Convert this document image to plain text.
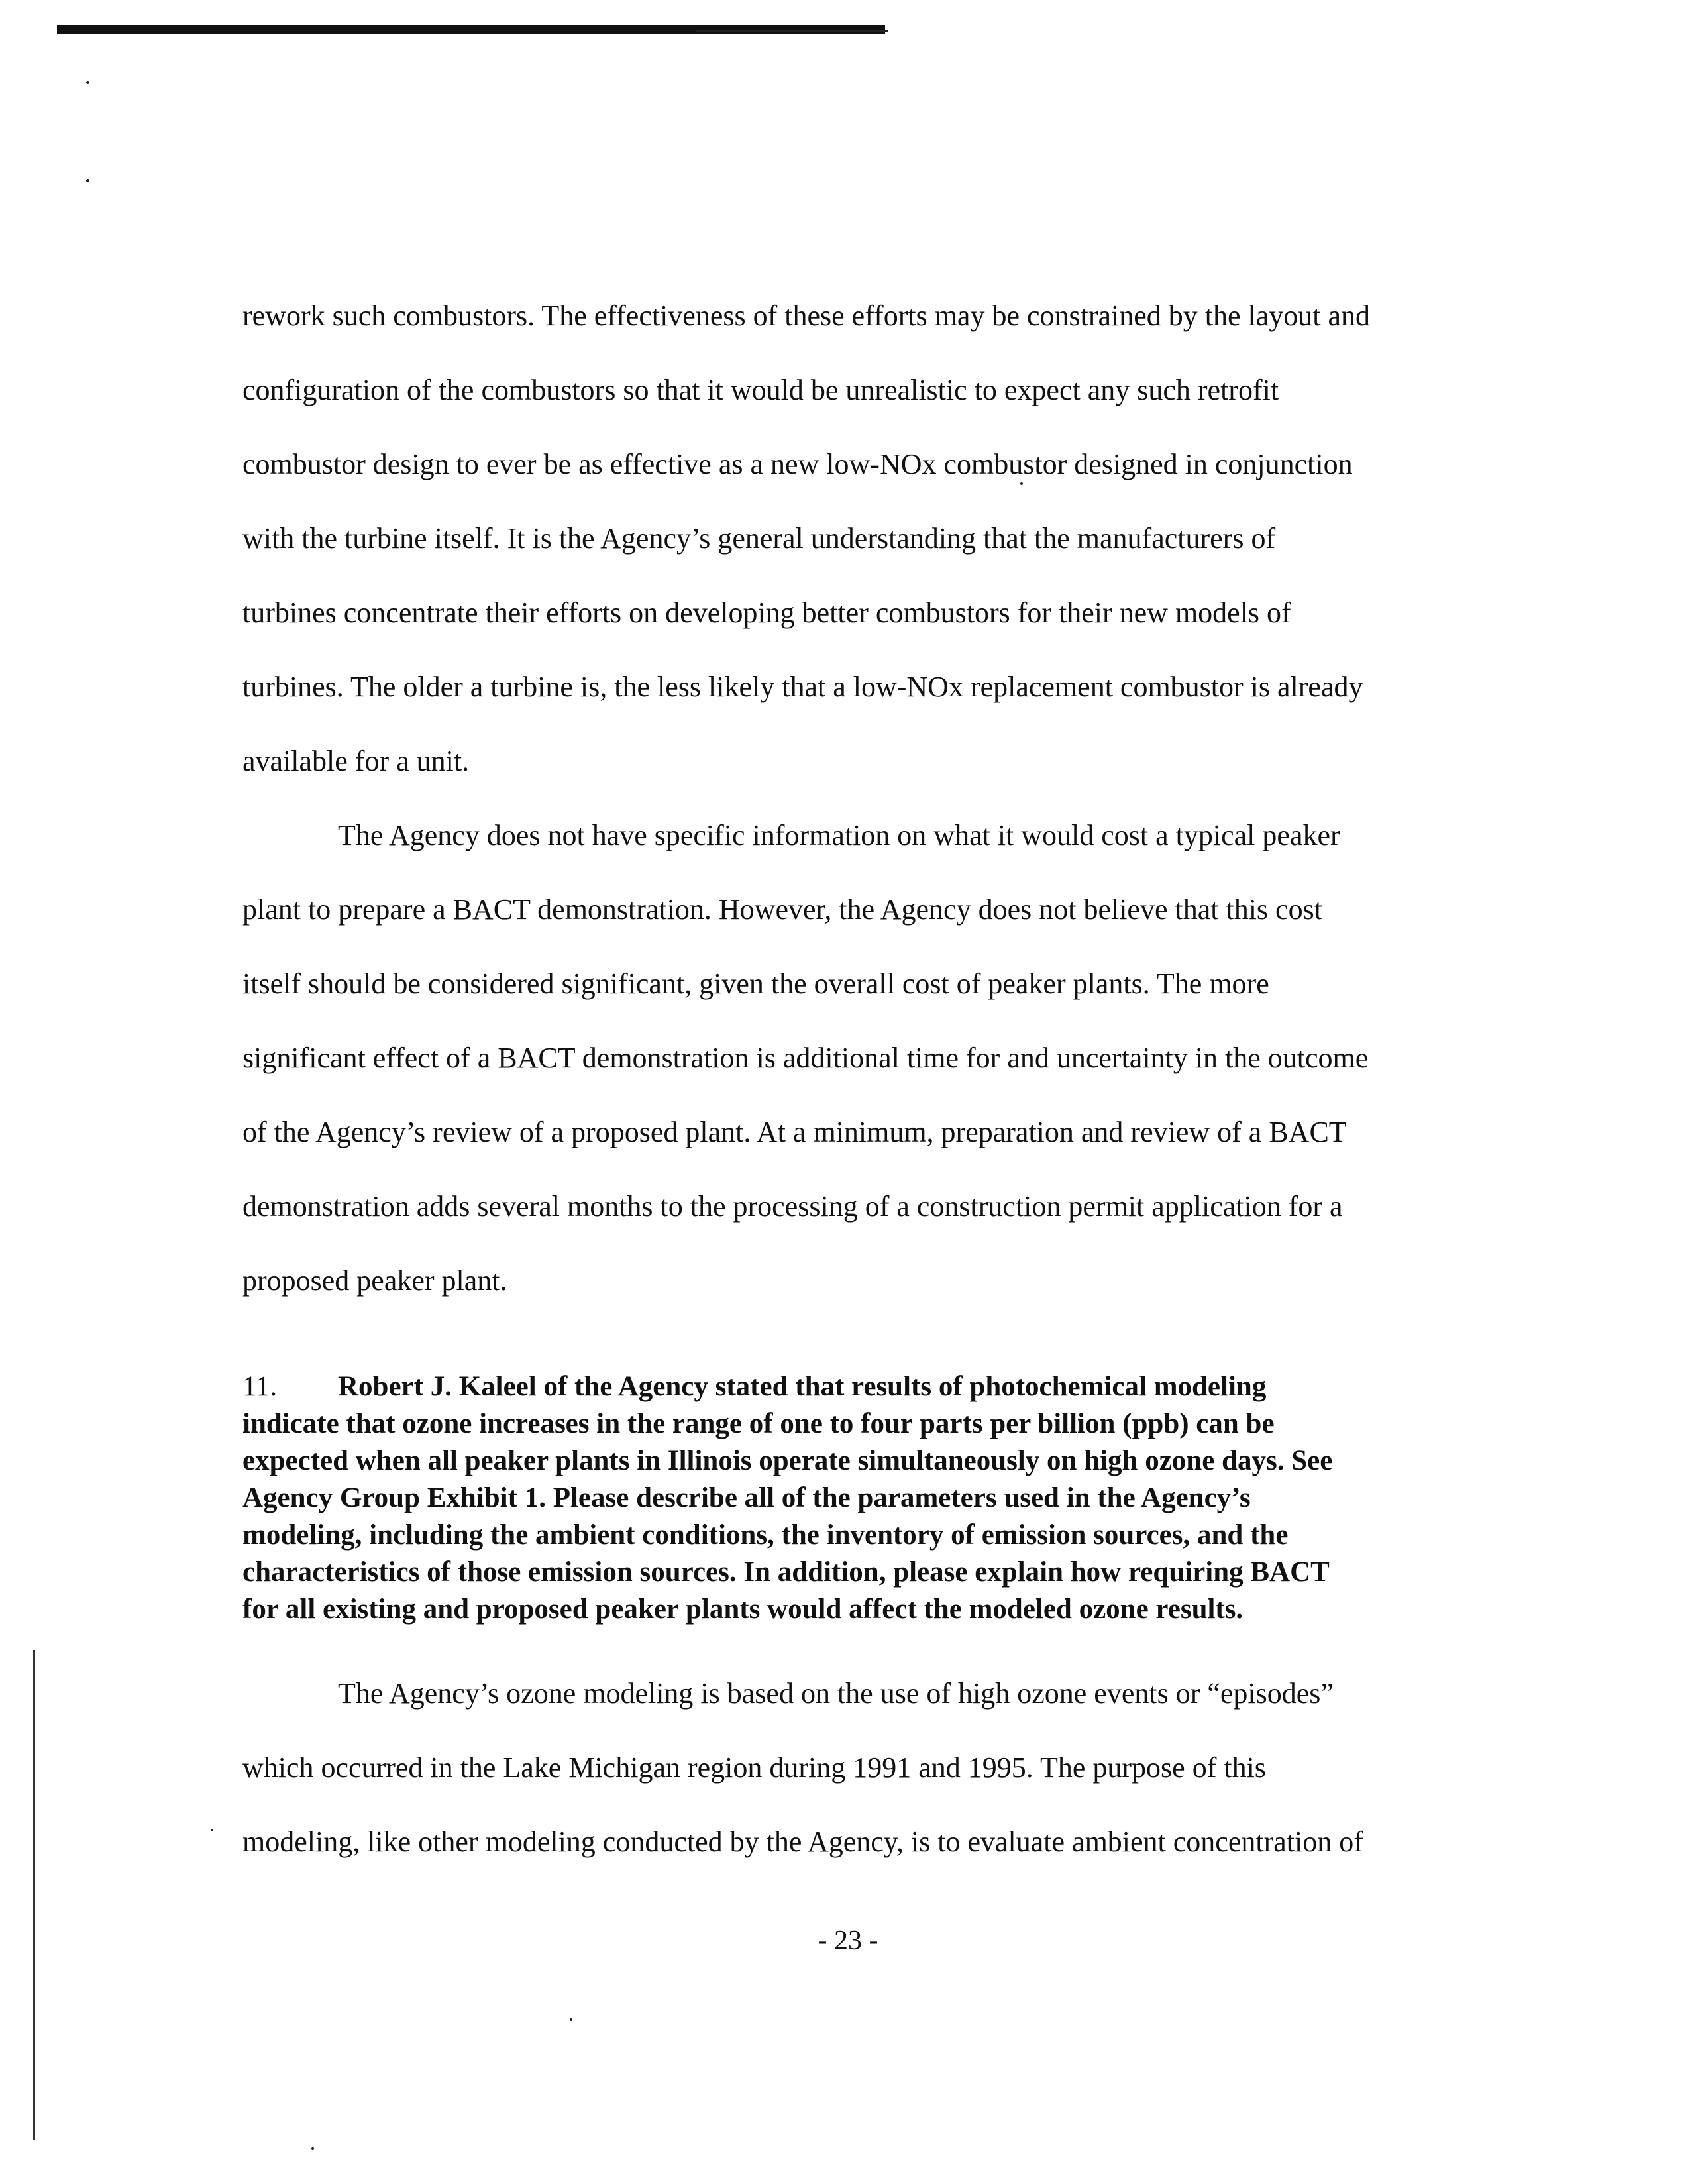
rework such combustors. The effectiveness of these efforts may be constrained by the layout and
configuration of the combustors so that it would be unrealistic to expect any such retrofit
combustor design to ever be as effective as a new low-NOx combustor designed in conjunction
with the turbine itself. It is the Agency’s general understanding that the manufacturers of
turbines concentrate their efforts on developing better combustors for their new models of
turbines. The older a turbine is, the less likely that a low-NOx replacement combustor is already
available for a unit.
The Agency does not have specific information on what it would cost a typical peaker
plant to prepare a BACT demonstration. However, the Agency does not believe that this cost
itself should be considered significant, given the overall cost of peaker plants. The more
significant effect of a BACT demonstration is additional time for and uncertainty in the outcome
of the Agency’s review of a proposed plant. At a minimum, preparation and review of a BACT
demonstration adds several months to the processing of a construction permit application for a
proposed peaker plant.
11. Robert J. Kaleel of the Agency stated that results of photochemical modeling
indicate that ozone increases in the range of one to four parts per billion (ppb) can be
expected when all peaker plants in Illinois operate simultaneously on high ozone days. See
Agency Group Exhibit 1. Please describe all of the parameters used in the Agency’s
modeling, including the ambient conditions, the inventory of emission sources, and the
characteristics of those emission sources. In addition, please explain how requiring BACT
for all existing and proposed peaker plants would affect the modeled ozone results.
The Agency’s ozone modeling is based on the use of high ozone events or “episodes”
which occurred in the Lake Michigan region during 1991 and 1995. The purpose of this
modeling, like other modeling conducted by the Agency, is to evaluate ambient concentration of
- 23 -
